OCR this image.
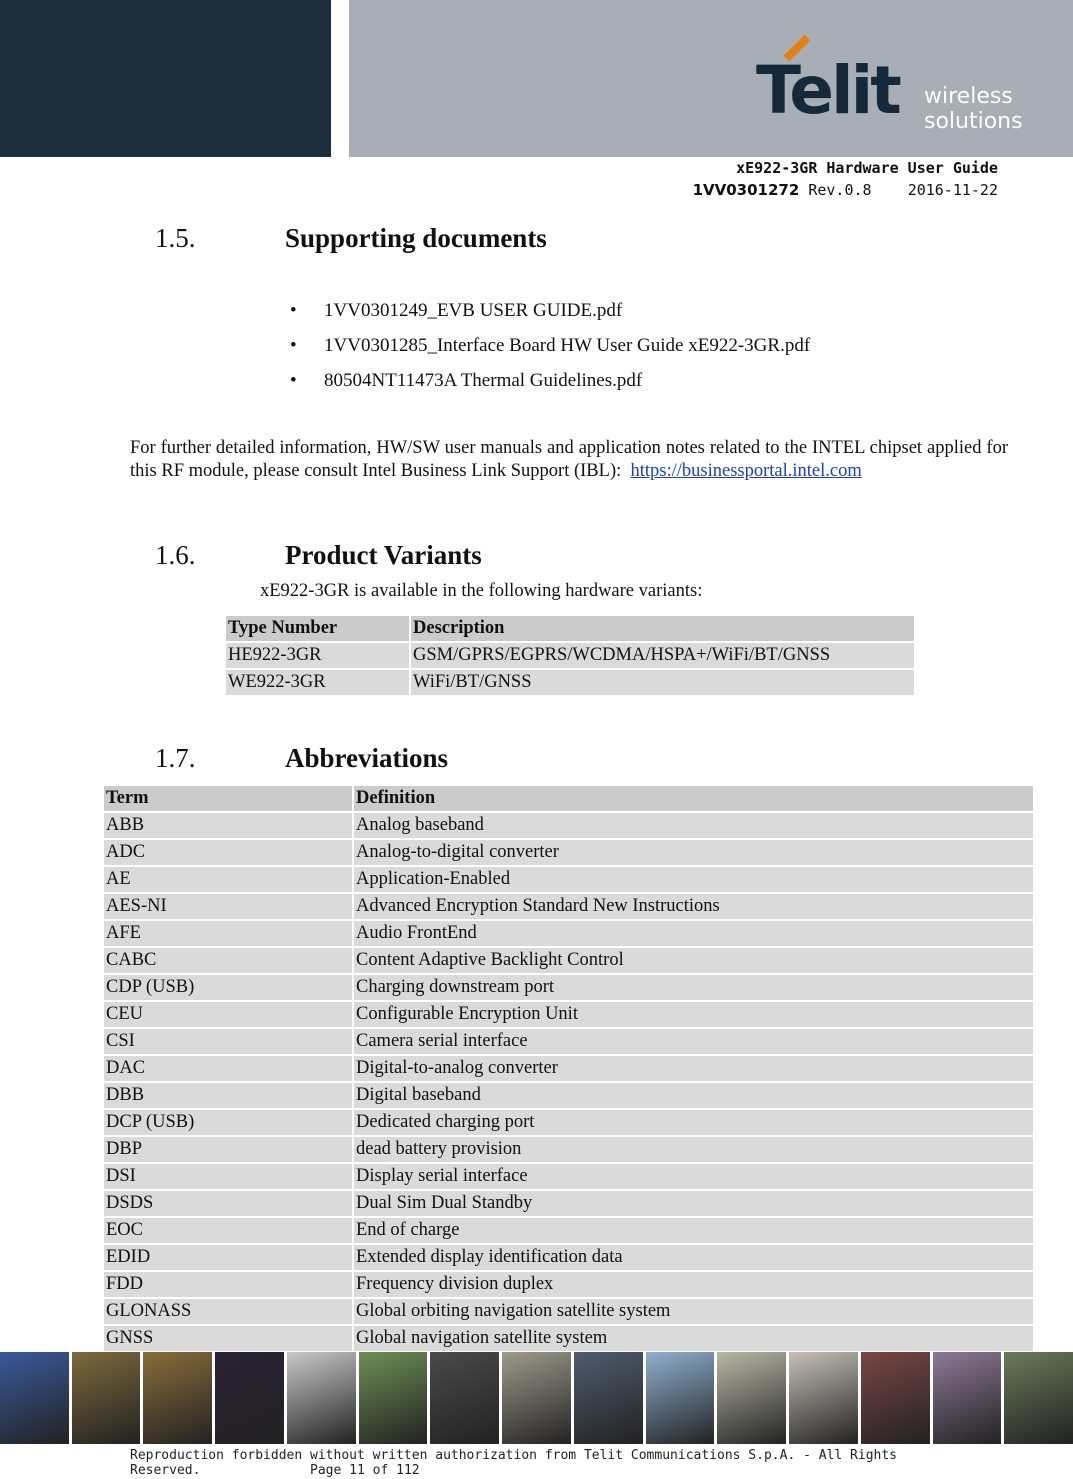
Telit wireless
solutions
xE922-3GR Hardware User Guide
1VV0301272 Rev.0.8 2016-11-22
1.5.	Supporting documents
• 1VV0301249_EVB USER GUIDE.pdf
• 1VV0301285_Interface Board HW User Guide xE922-3GR.pdf
• 80504NT11473A Thermal Guidelines.pdf
For further detailed information, HW/SW user manuals and application notes related to the INTEL chipset applied for this RF module, please consult Intel Business Link Support (IBL): https://businessportal.intel.com
1.6.	Product Variants
xE922-3GR is available in the following hardware variants:
Type Number	Description
HE922-3GR	GSM/GPRS/EGPRS/WCDMA/HSPA+/WiFi/BT/GNSS
WE922-3GR	WiFi/BT/GNSS
1.7.	Abbreviations
Term	Definition
ABB	Analog baseband
ADC	Analog-to-digital converter
AE	Application-Enabled
AES-NI	Advanced Encryption Standard New Instructions
AFE	Audio FrontEnd
CABC	Content Adaptive Backlight Control
CDP (USB)	Charging downstream port
CEU	Configurable Encryption Unit
CSI	Camera serial interface
DAC	Digital-to-analog converter
DBB	Digital baseband
DCP (USB)	Dedicated charging port
DBP	dead battery provision
DSI	Display serial interface
DSDS	Dual Sim Dual Standby
EOC	End of charge
EDID	Extended display identification data
FDD	Frequency division duplex
GLONASS	Global orbiting navigation satellite system
GNSS	Global navigation satellite system
Reproduction forbidden without written authorization from Telit Communications S.p.A. - All Rights
Reserved.	Page 11 of 112
